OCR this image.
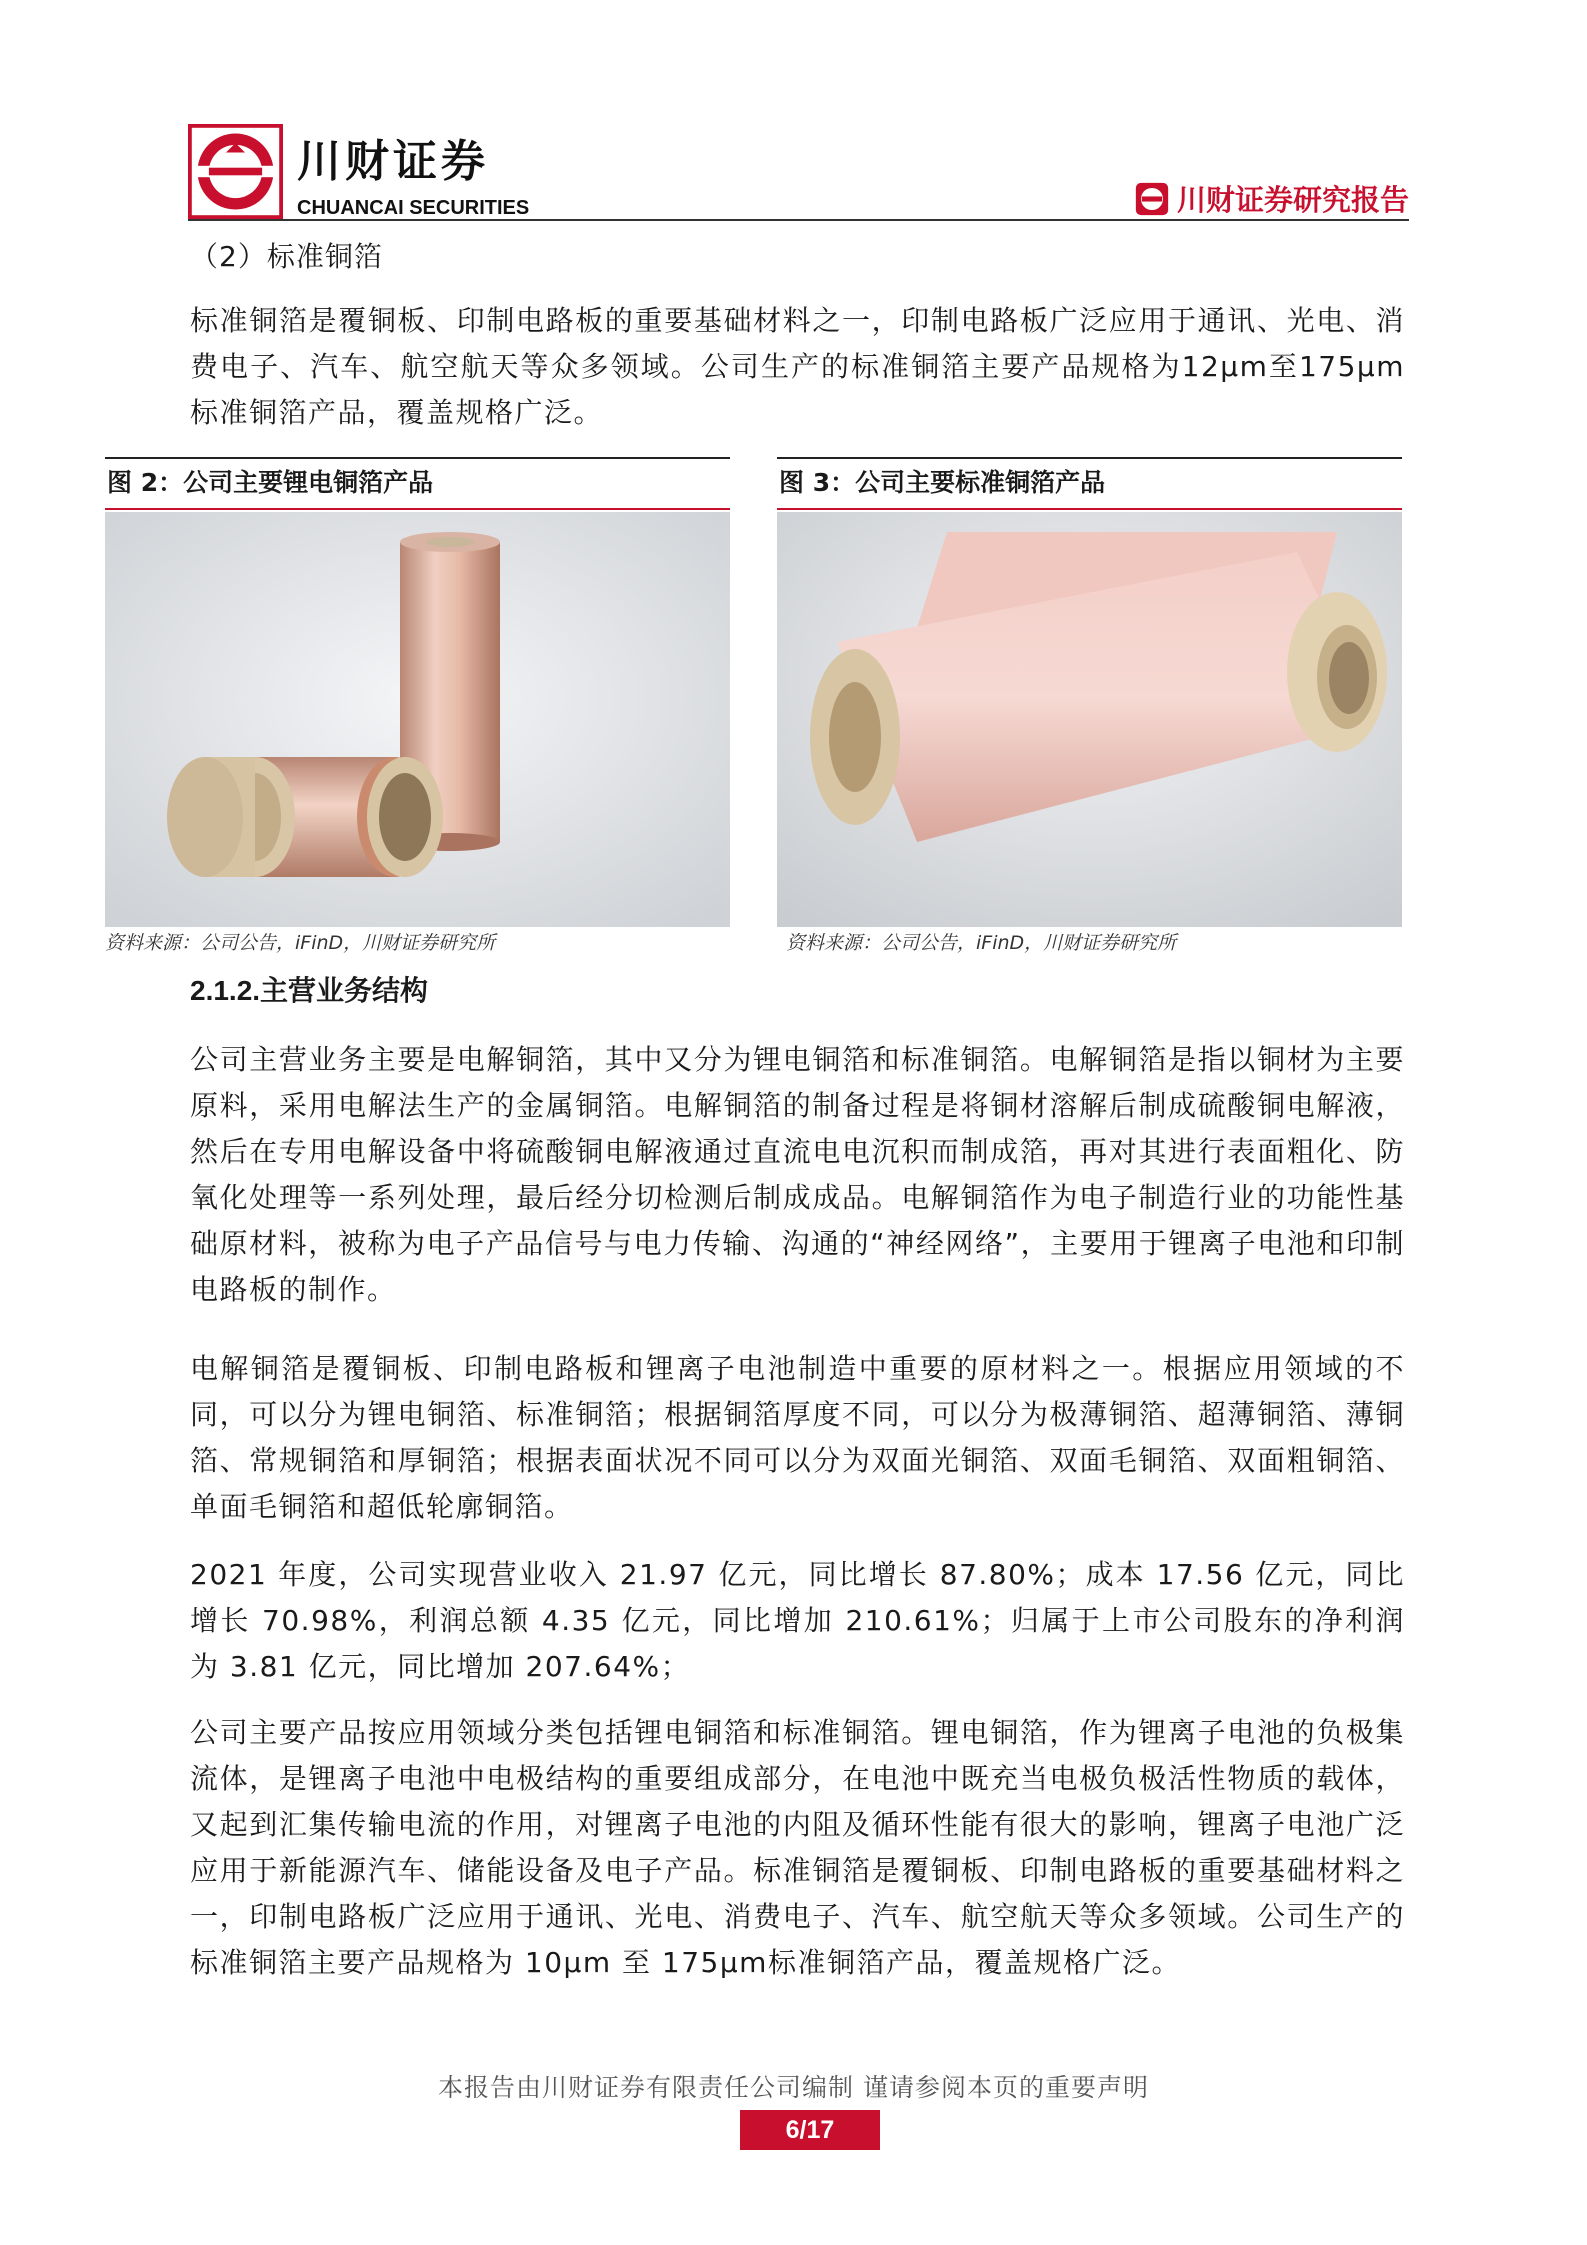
川财证券
CHUANCAI SECURITIES	川财证券研究报告

（2）标准铜箔

标准铜箔是覆铜板、印制电路板的重要基础材料之一，印制电路板广泛应用于通讯、光电、消费电子、汽车、航空航天等众多领域。公司生产的标准铜箔主要产品规格为12μm至175μm标准铜箔产品，覆盖规格广泛。

图 2：公司主要锂电铜箔产品

资料来源：公司公告，iFinD，川财证券研究所

图 3：公司主要标准铜箔产品

资料来源：公司公告，iFinD，川财证券研究所

2.1.2.主营业务结构

公司主营业务主要是电解铜箔，其中又分为锂电铜箔和标准铜箔。电解铜箔是指以铜材为主要原料，采用电解法生产的金属铜箔。电解铜箔的制备过程是将铜材溶解后制成硫酸铜电解液，然后在专用电解设备中将硫酸铜电解液通过直流电电沉积而制成箔，再对其进行表面粗化、防氧化处理等一系列处理，最后经分切检测后制成成品。电解铜箔作为电子制造行业的功能性基础原材料，被称为电子产品信号与电力传输、沟通的“神经网络”，主要用于锂离子电池和印制电路板的制作。

电解铜箔是覆铜板、印制电路板和锂离子电池制造中重要的原材料之一。根据应用领域的不同，可以分为锂电铜箔、标准铜箔；根据铜箔厚度不同，可以分为极薄铜箔、超薄铜箔、薄铜箔、常规铜箔和厚铜箔；根据表面状况不同可以分为双面光铜箔、双面毛铜箔、双面粗铜箔、单面毛铜箔和超低轮廓铜箔。

2021 年度，公司实现营业收入 21.97 亿元，同比增长 87.80%；成本 17.56 亿元，同比增长 70.98%，利润总额 4.35 亿元，同比增加 210.61%；归属于上市公司股东的净利润为 3.81 亿元，同比增加 207.64%；

公司主要产品按应用领域分类包括锂电铜箔和标准铜箔。锂电铜箔，作为锂离子电池的负极集流体，是锂离子电池中电极结构的重要组成部分，在电池中既充当电极负极活性物质的载体，又起到汇集传输电流的作用，对锂离子电池的内阻及循环性能有很大的影响，锂离子电池广泛应用于新能源汽车、储能设备及电子产品。标准铜箔是覆铜板、印制电路板的重要基础材料之一，印制电路板广泛应用于通讯、光电、消费电子、汽车、航空航天等众多领域。公司生产的标准铜箔主要产品规格为 10μm 至 175μm标准铜箔产品，覆盖规格广泛。

本报告由川财证券有限责任公司编制 谨请参阅本页的重要声明
6/17
